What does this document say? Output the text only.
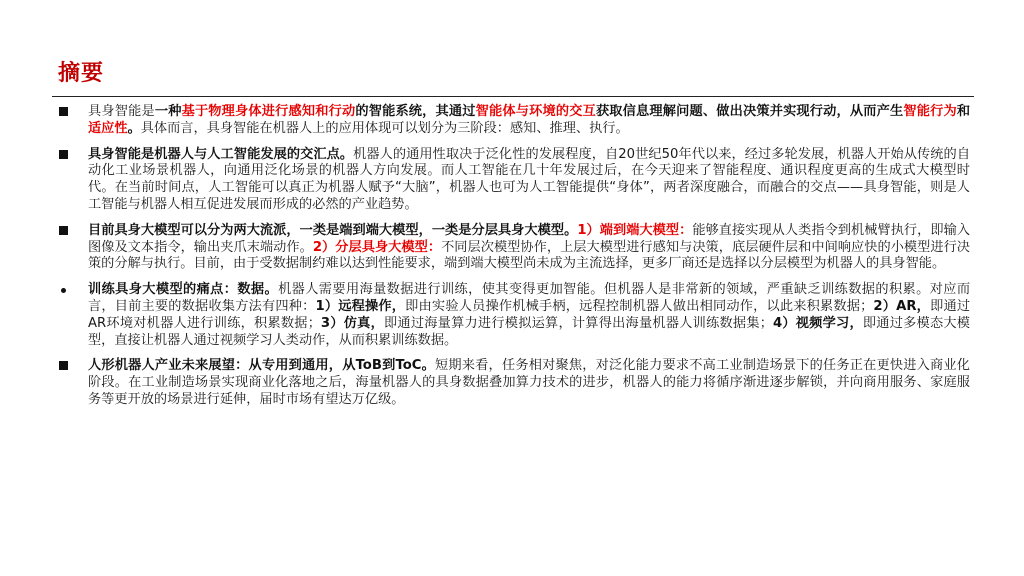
摘要
具身智能是一种基于物理身体进行感知和行动的智能系统，其通过智能体与环境的交互获取信息理解问题、做出决策并实现行动，从而产生智能行为和适应性。具体而言，具身智能在机器人上的应用体现可以划分为三阶段：感知、推理、执行。
具身智能是机器人与人工智能发展的交汇点。机器人的通用性取决于泛化性的发展程度，自20世纪50年代以来，经过多轮发展，机器人开始从传统的自动化工业场景机器人，向通用泛化场景的机器人方向发展。而人工智能在几十年发展过后，在今天迎来了智能程度、通识程度更高的生成式大模型时代。在当前时间点，人工智能可以真正为机器人赋予“大脑”，机器人也可为人工智能提供“身体”，两者深度融合，而融合的交点——具身智能，则是人工智能与机器人相互促进发展而形成的必然的产业趋势。
目前具身大模型可以分为两大流派，一类是端到端大模型，一类是分层具身大模型。1）端到端大模型：能够直接实现从人类指令到机械臂执行，即输入图像及文本指令，输出夹爪末端动作。2）分层具身大模型：不同层次模型协作，上层大模型进行感知与决策，底层硬件层和中间响应快的小模型进行决策的分解与执行。目前，由于受数据制约难以达到性能要求，端到端大模型尚未成为主流选择，更多厂商还是选择以分层模型为机器人的具身智能。
训练具身大模型的痛点：数据。机器人需要用海量数据进行训练，使其变得更加智能。但机器人是非常新的领域，严重缺乏训练数据的积累。对应而言，目前主要的数据收集方法有四种：1）远程操作，即由实验人员操作机械手柄，远程控制机器人做出相同动作，以此来积累数据；2）AR，即通过AR环境对机器人进行训练，积累数据；3）仿真，即通过海量算力进行模拟运算，计算得出海量机器人训练数据集；4）视频学习，即通过多模态大模型，直接让机器人通过视频学习人类动作，从而积累训练数据。
人形机器人产业未来展望：从专用到通用，从ToB到ToC。短期来看，任务相对聚焦，对泛化能力要求不高工业制造场景下的任务正在更快进入商业化阶段。在工业制造场景实现商业化落地之后，海量机器人的具身数据叠加算力技术的进步，机器人的能力将循序渐进逐步解锁，并向商用服务、家庭服务等更开放的场景进行延伸，届时市场有望达万亿级。
